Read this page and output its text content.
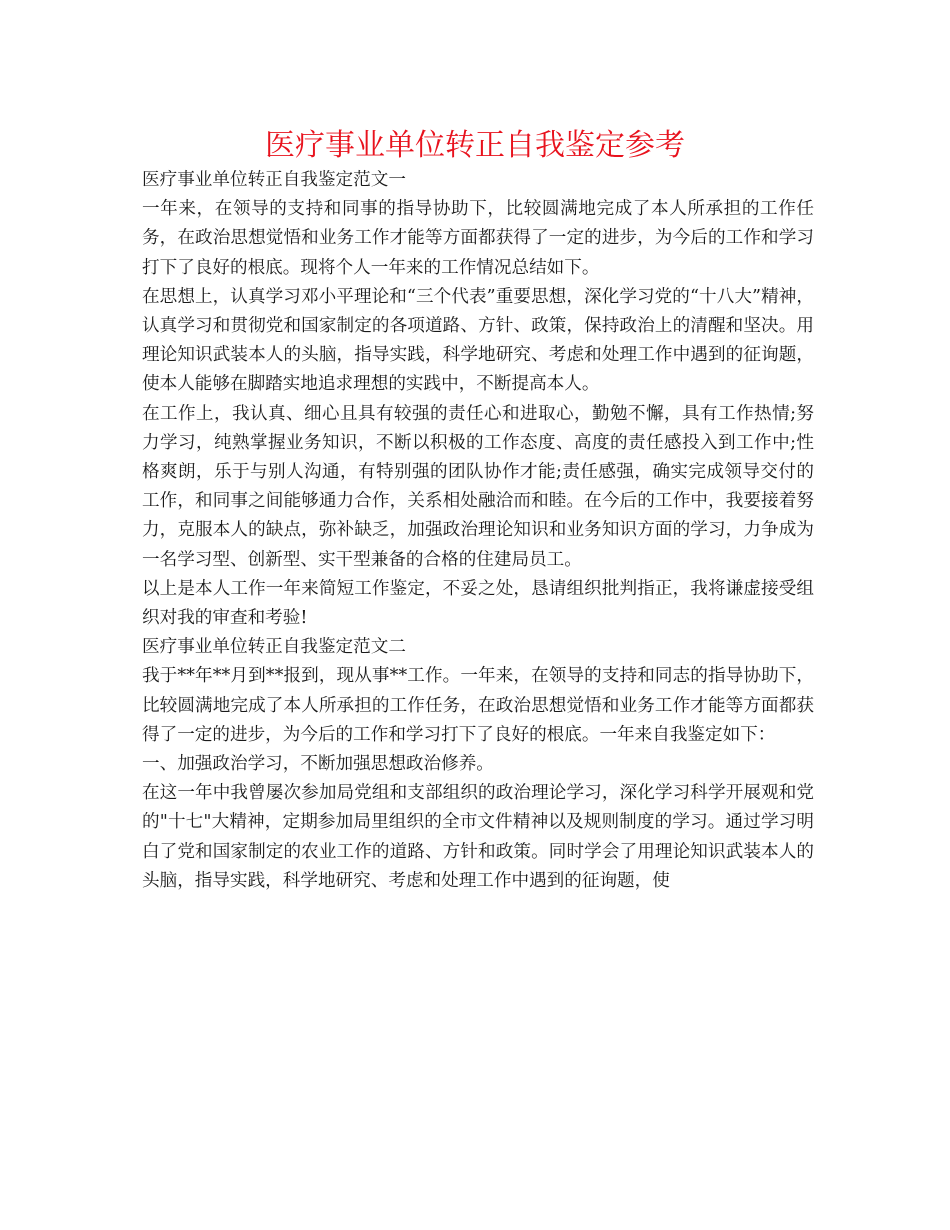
医疗事业单位转正自我鉴定参考

医疗事业单位转正自我鉴定范文一

一年来，在领导的支持和同事的指导协助下，比较圆满地完成了本人所承担的工作任务，在政治思想觉悟和业务工作才能等方面都获得了一定的进步，为今后的工作和学习打下了良好的根底。现将个人一年来的工作情况总结如下。

在思想上，认真学习邓小平理论和“三个代表”重要思想，深化学习党的“十八大”精神，认真学习和贯彻党和国家制定的各项道路、方针、政策，保持政治上的清醒和坚决。用理论知识武装本人的头脑，指导实践，科学地研究、考虑和处理工作中遇到的征询题，使本人能够在脚踏实地追求理想的实践中，不断提高本人。

在工作上，我认真、细心且具有较强的责任心和进取心，勤勉不懈，具有工作热情;努力学习，纯熟掌握业务知识，不断以积极的工作态度、高度的责任感投入到工作中;性格爽朗，乐于与别人沟通，有特别强的团队协作才能;责任感强，确实完成领导交付的工作，和同事之间能够通力合作，关系相处融洽而和睦。在今后的工作中，我要接着努力，克服本人的缺点，弥补缺乏，加强政治理论知识和业务知识方面的学习，力争成为一名学习型、创新型、实干型兼备的合格的住建局员工。

以上是本人工作一年来简短工作鉴定，不妥之处，恳请组织批判指正，我将谦虚接受组织对我的审查和考验!

医疗事业单位转正自我鉴定范文二

我于**年**月到**报到，现从事**工作。一年来，在领导的支持和同志的指导协助下，比较圆满地完成了本人所承担的工作任务，在政治思想觉悟和业务工作才能等方面都获得了一定的进步，为今后的工作和学习打下了良好的根底。一年来自我鉴定如下：

一、加强政治学习，不断加强思想政治修养。

在这一年中我曾屡次参加局党组和支部组织的政治理论学习，深化学习科学开展观和党的"十七"大精神，定期参加局里组织的全市文件精神以及规则制度的学习。通过学习明白了党和国家制定的农业工作的道路、方针和政策。同时学会了用理论知识武装本人的头脑，指导实践，科学地研究、考虑和处理工作中遇到的征询题，使
